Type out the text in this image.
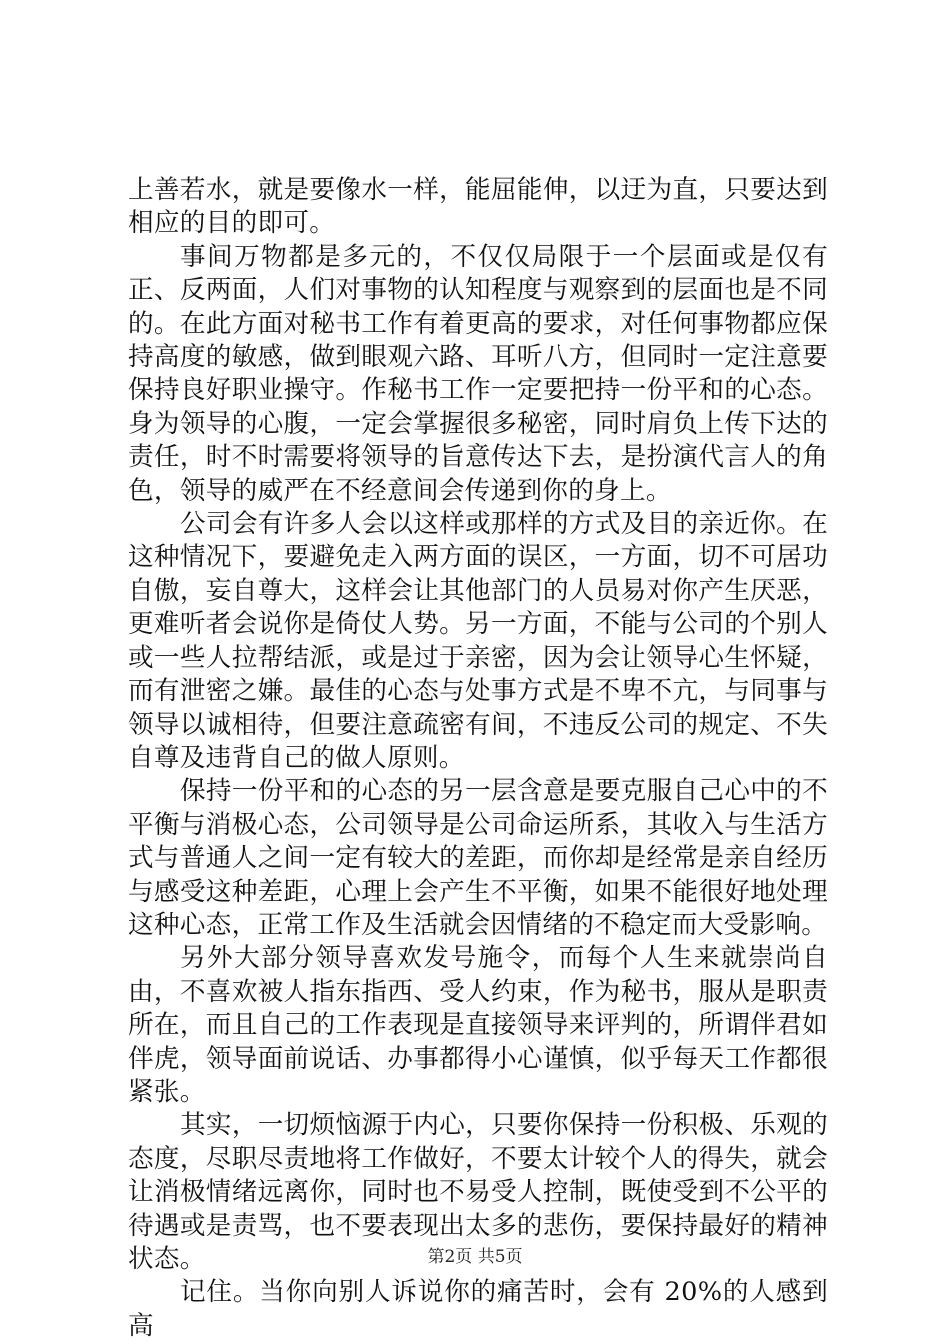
上善若水，就是要像水一样，能屈能伸，以迂为直，只要达到相应的目的即可。

事间万物都是多元的，不仅仅局限于一个层面或是仅有正、反两面，人们对事物的认知程度与观察到的层面也是不同的。在此方面对秘书工作有着更高的要求，对任何事物都应保持高度的敏感，做到眼观六路、耳听八方，但同时一定注意要保持良好职业操守。作秘书工作一定要把持一份平和的心态。身为领导的心腹，一定会掌握很多秘密，同时肩负上传下达的责任，时不时需要将领导的旨意传达下去，是扮演代言人的角色，领导的威严在不经意间会传递到你的身上。

公司会有许多人会以这样或那样的方式及目的亲近你。在这种情况下，要避免走入两方面的误区，一方面，切不可居功自傲，妄自尊大，这样会让其他部门的人员易对你产生厌恶，更难听者会说你是倚仗人势。另一方面，不能与公司的个别人或一些人拉帮结派，或是过于亲密，因为会让领导心生怀疑，而有泄密之嫌。最佳的心态与处事方式是不卑不亢，与同事与领导以诚相待，但要注意疏密有间，不违反公司的规定、不失自尊及违背自己的做人原则。

保持一份平和的心态的另一层含意是要克服自己心中的不平衡与消极心态，公司领导是公司命运所系，其收入与生活方式与普通人之间一定有较大的差距，而你却是经常是亲自经历与感受这种差距，心理上会产生不平衡，如果不能很好地处理这种心态，正常工作及生活就会因情绪的不稳定而大受影响。

另外大部分领导喜欢发号施令，而每个人生来就崇尚自由，不喜欢被人指东指西、受人约束，作为秘书，服从是职责所在，而且自己的工作表现是直接领导来评判的，所谓伴君如伴虎，领导面前说话、办事都得小心谨慎，似乎每天工作都很紧张。

其实，一切烦恼源于内心，只要你保持一份积极、乐观的态度，尽职尽责地将工作做好，不要太计较个人的得失，就会让消极情绪远离你，同时也不易受人控制，既使受到不公平的待遇或是责骂，也不要表现出太多的悲伤，要保持最好的精神状态。

记住。当你向别人诉说你的痛苦时，会有 20%的人感到高

第2页 共5页
